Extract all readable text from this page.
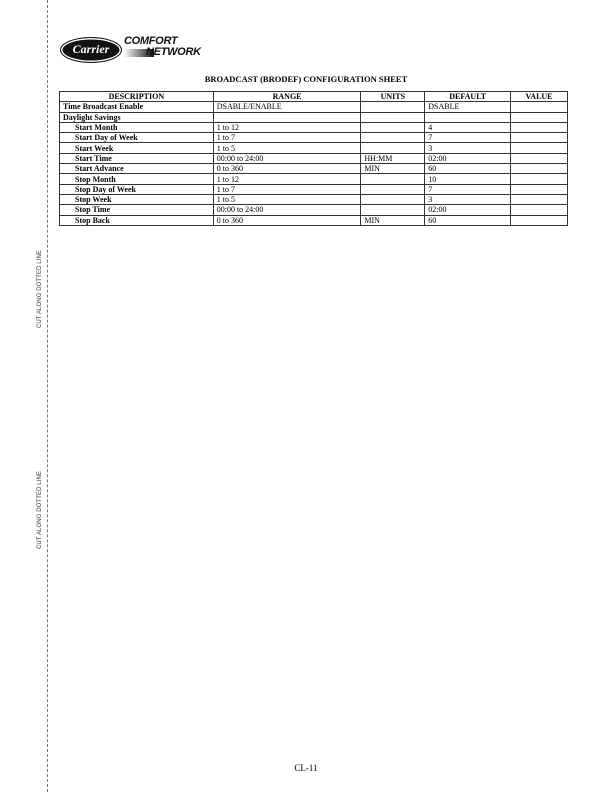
CUT ALONG DOTTED LINE
CUT ALONG DOTTED LINE
Carrier
COMFORT
NETWORK
BROADCAST (BRODEF) CONFIGURATION SHEET
DESCRIPTION	RANGE	UNITS	DEFAULT	VALUE
Time Broadcast Enable	DSABLE/ENABLE		DSABLE	
Daylight Savings				
Start Month	1 to 12		4	
Start Day of Week	1 to 7		7	
Start Week	1 to 5		3	
Start Time	00:00 to 24:00	HH:MM	02:00	
Start Advance	0 to 360	MIN	60	
Stop Month	1 to 12		10	
Stop Day of Week	1 to 7		7	
Stop Week	1 to 5		3	
Stop Time	00:00 to 24:00		02:00	
Stop Back	0 to 360	MIN	60	
CL-11
